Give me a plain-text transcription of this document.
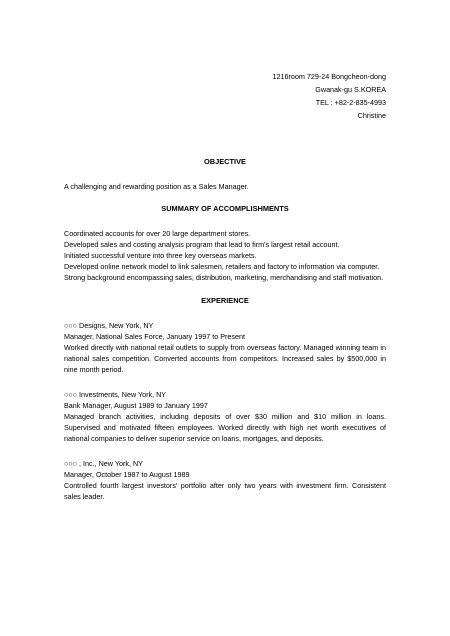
1216room 729-24 Bongcheon-dong
Gwanak-gu S.KOREA
TEL : +82-2-835-4993
Christine
OBJECTIVE
A challenging and rewarding position as a Sales Manager.
SUMMARY OF ACCOMPLISHMENTS
Coordinated accounts for over 20 large department stores.
Developed sales and costing analysis program that lead to firm's largest retail account.
Initiated successful venture into three key overseas markets.
Developed online network model to link salesmen, retailers and factory to information via computer.
Strong background encompassing sales, distribution, marketing, merchandising and staff motivation.
EXPERIENCE
○○○ Designs, New York, NY
Manager, National Sales Force, January 1997 to Present
Worked directly with national retail outlets to supply from overseas factory. Managed winning team in national sales competition. Converted accounts from competitors. Increased sales by $500,000 in nine month period.
○○○ Investments, New York, NY
Bank Manager, August 1989 to January 1997
Managed branch activities, including deposits of over $30 million and $10 million in loans. Supervised and motivated fifteen employees. Worked directly with high net worth executives of national companies to deliver superior service on loans, mortgages, and deposits.
○○○ , Inc., New York, NY
Manager, October 1987 to August 1989
Controlled fourth largest investors' portfolio after only two years with investment firm. Consistent sales leader.
